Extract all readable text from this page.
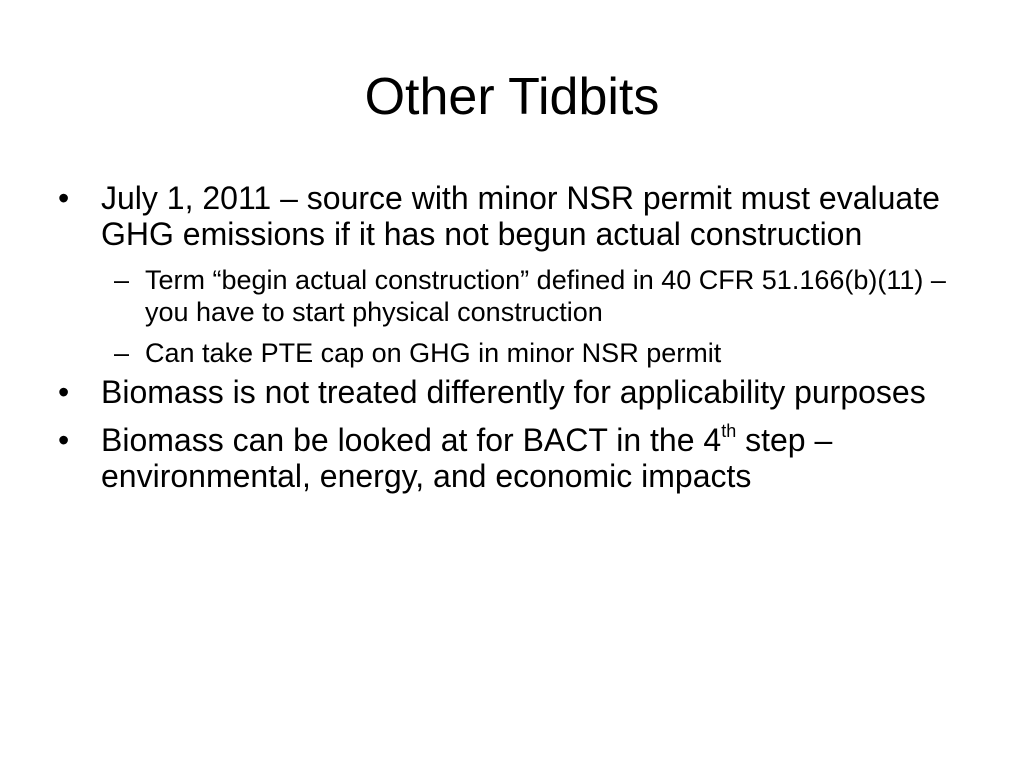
Other Tidbits
• July 1, 2011 – source with minor NSR permit must evaluate GHG emissions if it has not begun actual construction
– Term “begin actual construction” defined in 40 CFR 51.166(b)(11) – you have to start physical construction
– Can take PTE cap on GHG in minor NSR permit
• Biomass is not treated differently for applicability purposes
• Biomass can be looked at for BACT in the 4th step – environmental, energy, and economic impacts
